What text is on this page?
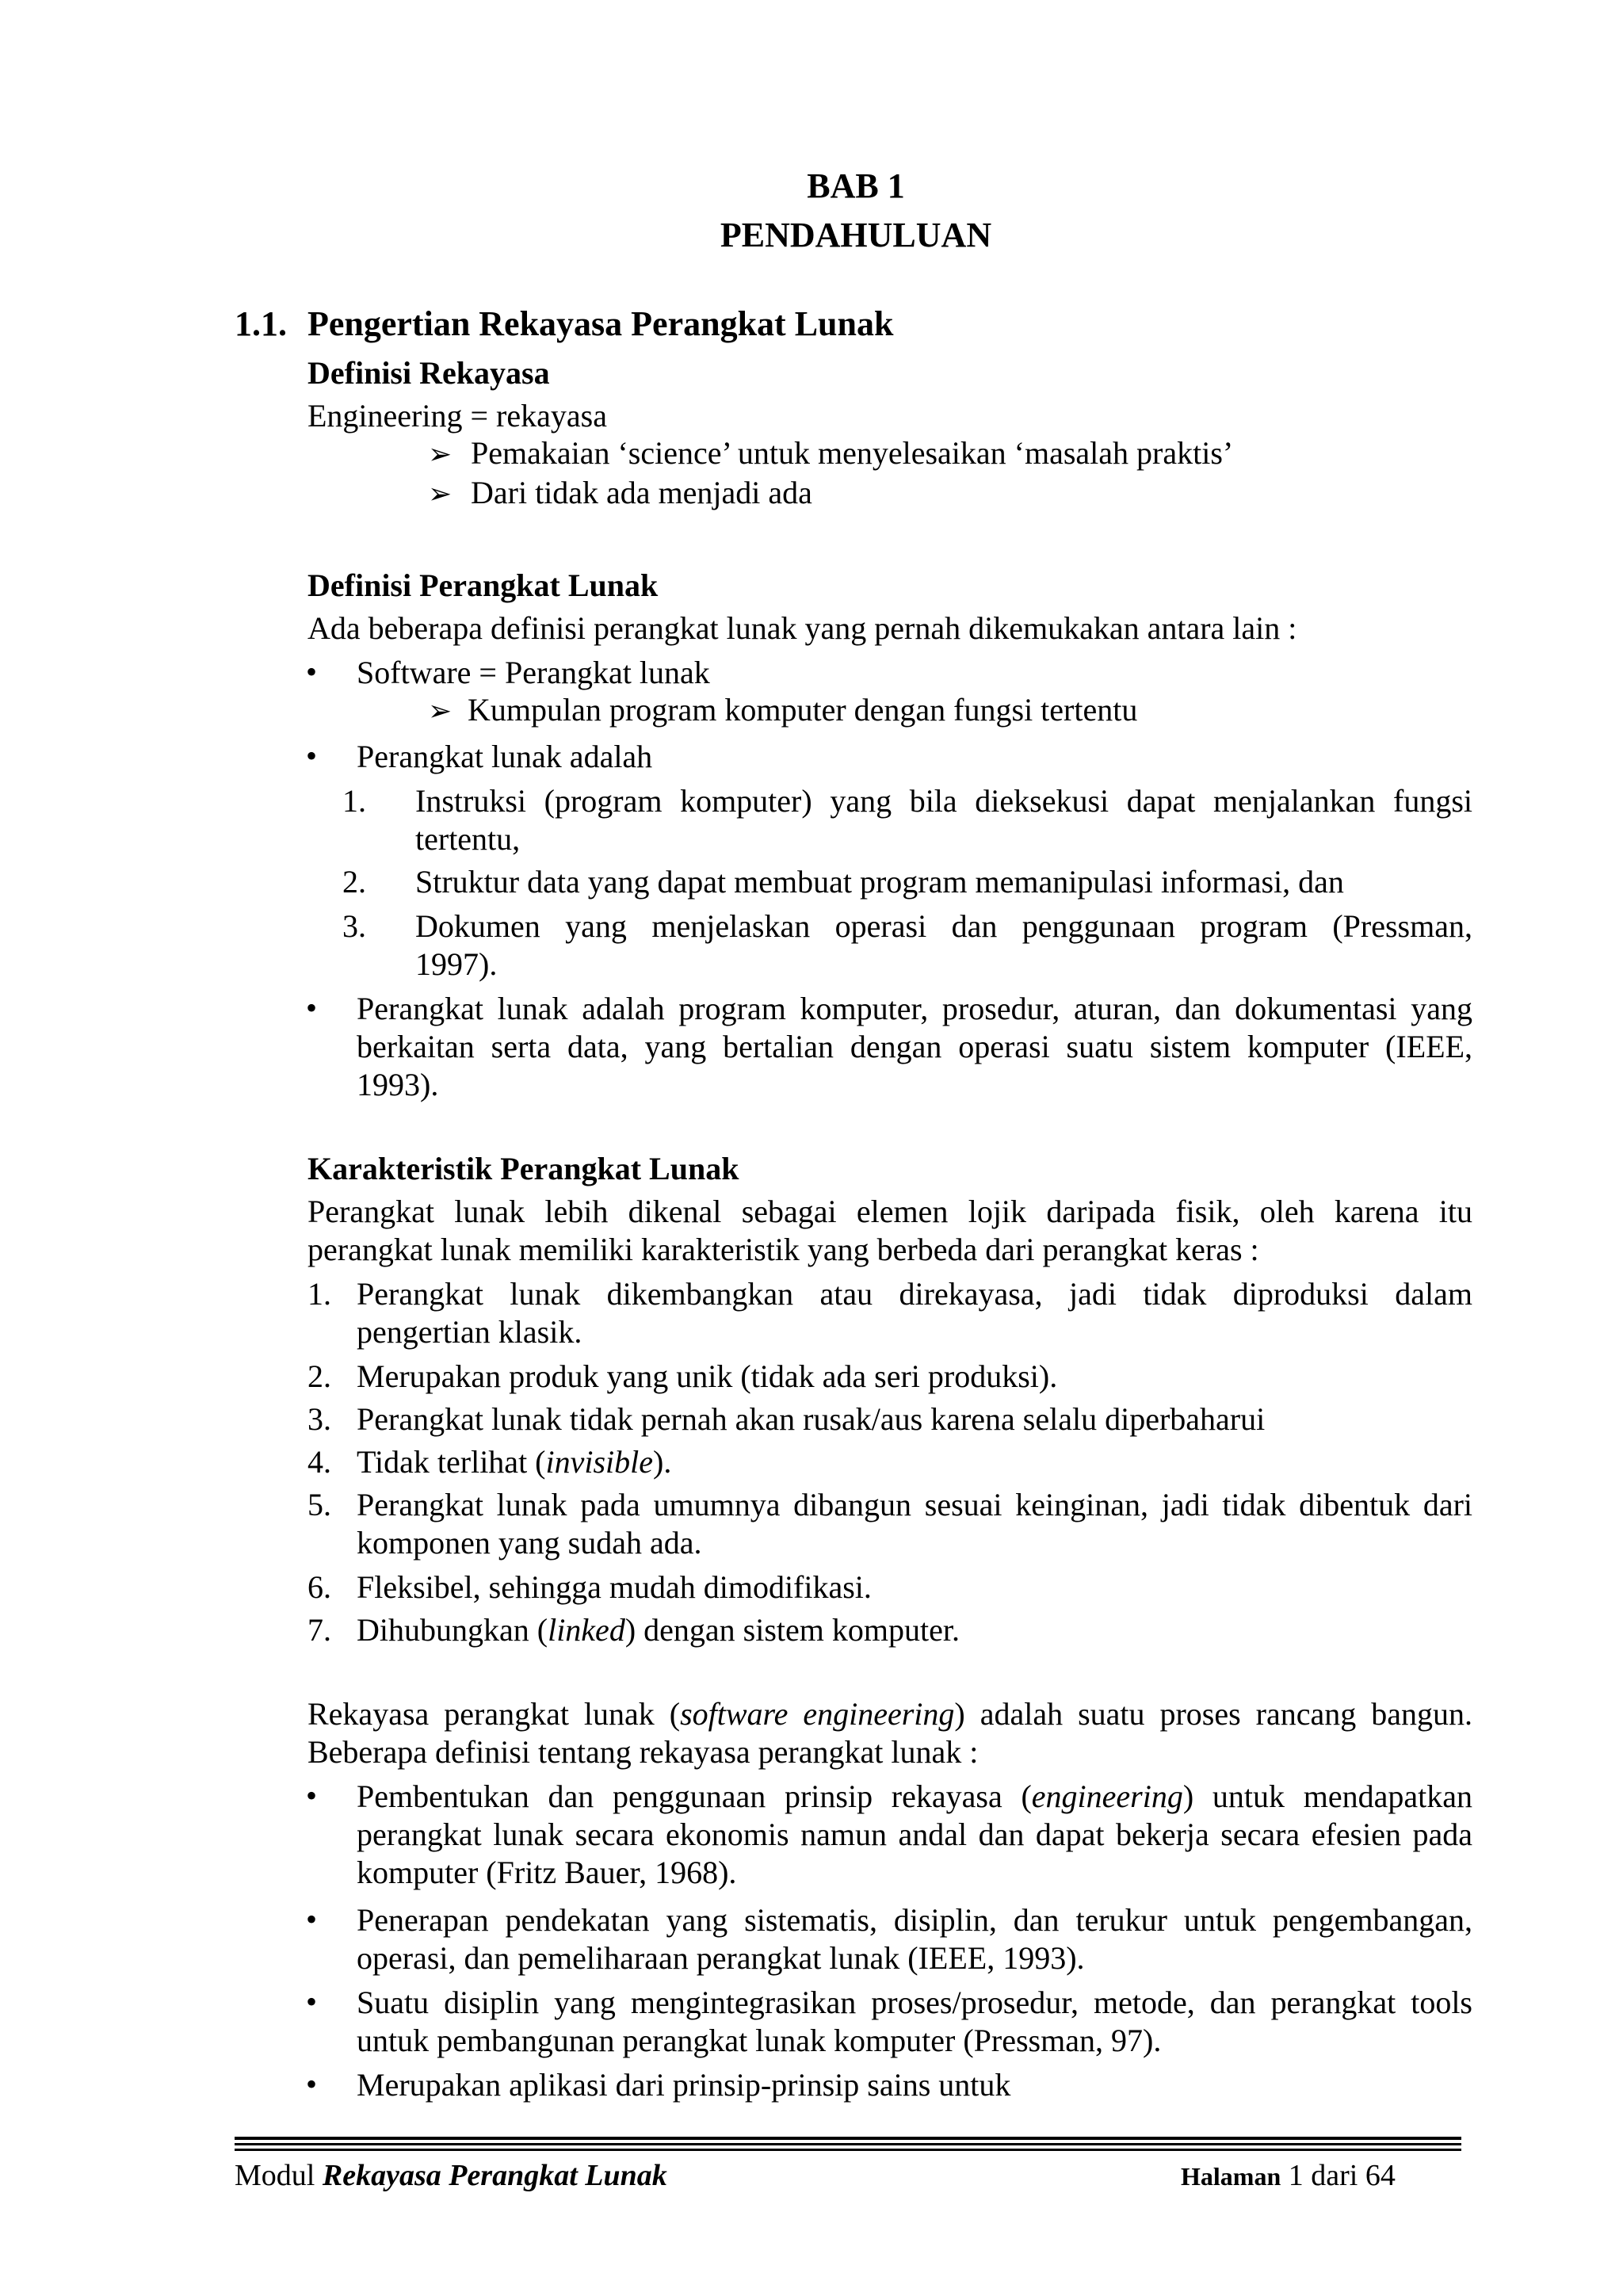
BAB 1
PENDAHULUAN
1.1. Pengertian Rekayasa Perangkat Lunak
Definisi Rekayasa
Engineering = rekayasa
➢ Pemakaian ‘science’ untuk menyelesaikan ‘masalah praktis’
➢ Dari tidak ada menjadi ada
Definisi Perangkat Lunak
Ada beberapa definisi perangkat lunak yang pernah dikemukakan antara lain :
• Software = Perangkat lunak
➢ Kumpulan program komputer dengan fungsi tertentu
• Perangkat lunak adalah
1. Instruksi (program komputer) yang bila dieksekusi dapat menjalankan fungsi
tertentu,
2. Struktur data yang dapat membuat program memanipulasi informasi, dan
3. Dokumen yang menjelaskan operasi dan penggunaan program (Pressman,
1997).
• Perangkat lunak adalah program komputer, prosedur, aturan, dan dokumentasi yang
berkaitan serta data, yang bertalian dengan operasi suatu sistem komputer (IEEE,
1993).
Karakteristik Perangkat Lunak
Perangkat lunak lebih dikenal sebagai elemen lojik daripada fisik, oleh karena itu
perangkat lunak memiliki karakteristik yang berbeda dari perangkat keras :
1. Perangkat lunak dikembangkan atau direkayasa, jadi tidak diproduksi dalam
pengertian klasik.
2. Merupakan produk yang unik (tidak ada seri produksi).
3. Perangkat lunak tidak pernah akan rusak/aus karena selalu diperbaharui
4. Tidak terlihat (invisible).
5. Perangkat lunak pada umumnya dibangun sesuai keinginan, jadi tidak dibentuk dari
komponen yang sudah ada.
6. Fleksibel, sehingga mudah dimodifikasi.
7. Dihubungkan (linked) dengan sistem komputer.
Rekayasa perangkat lunak (software engineering) adalah suatu proses rancang bangun.
Beberapa definisi tentang rekayasa perangkat lunak :
• Pembentukan dan penggunaan prinsip rekayasa (engineering) untuk mendapatkan
perangkat lunak secara ekonomis namun andal dan dapat bekerja secara efesien pada
komputer (Fritz Bauer, 1968).
• Penerapan pendekatan yang sistematis, disiplin, dan terukur untuk pengembangan,
operasi, dan pemeliharaan perangkat lunak (IEEE, 1993).
• Suatu disiplin yang mengintegrasikan proses/prosedur, metode, dan perangkat tools
untuk pembangunan perangkat lunak komputer (Pressman, 97).
• Merupakan aplikasi dari prinsip-prinsip sains untuk
Modul Rekayasa Perangkat Lunak	Halaman 1 dari 64
